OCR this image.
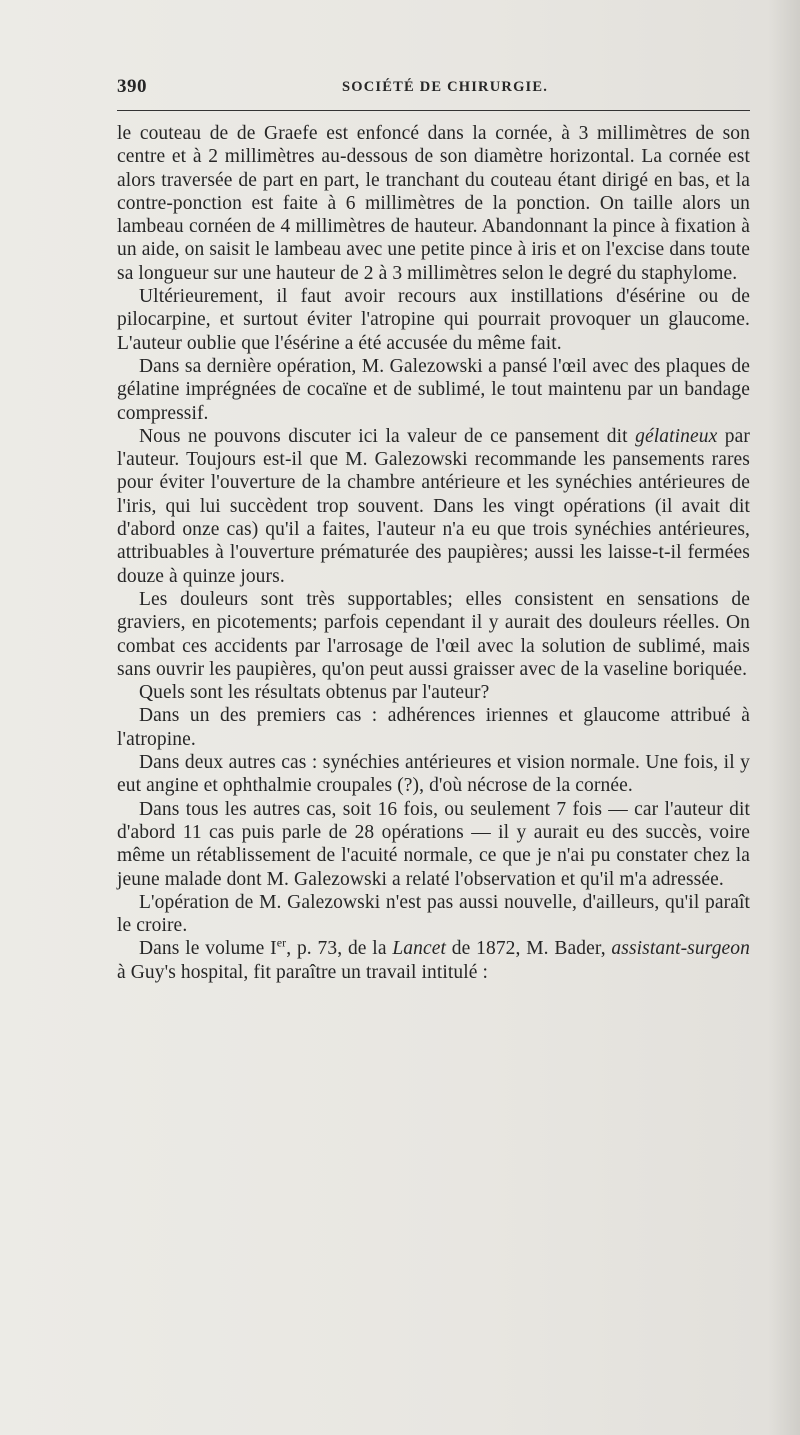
390	SOCIÉTÉ DE CHIRURGIE.

le couteau de de Graefe est enfoncé dans la cornée, à 3 millimètres de son centre et à 2 millimètres au-dessous de son diamètre horizontal. La cornée est alors traversée de part en part, le tranchant du couteau étant dirigé en bas, et la contre-ponction est faite à 6 millimètres de la ponction. On taille alors un lambeau cornéen de 4 millimètres de hauteur. Abandonnant la pince à fixation à un aide, on saisit le lambeau avec une petite pince à iris et on l'excise dans toute sa longueur sur une hauteur de 2 à 3 millimètres selon le degré du staphylome.

Ultérieurement, il faut avoir recours aux instillations d'ésérine ou de pilocarpine, et surtout éviter l'atropine qui pourrait provoquer un glaucome. L'auteur oublie que l'ésérine a été accusée du même fait.

Dans sa dernière opération, M. Galezowski a pansé l'œil avec des plaques de gélatine imprégnées de cocaïne et de sublimé, le tout maintenu par un bandage compressif.

Nous ne pouvons discuter ici la valeur de ce pansement dit gélatineux par l'auteur. Toujours est-il que M. Galezowski recommande les pansements rares pour éviter l'ouverture de la chambre antérieure et les synéchies antérieures de l'iris, qui lui succèdent trop souvent. Dans les vingt opérations (il avait dit d'abord onze cas) qu'il a faites, l'auteur n'a eu que trois synéchies antérieures, attribuables à l'ouverture prématurée des paupières; aussi les laisse-t-il fermées douze à quinze jours.

Les douleurs sont très supportables; elles consistent en sensations de graviers, en picotements; parfois cependant il y aurait des douleurs réelles. On combat ces accidents par l'arrosage de l'œil avec la solution de sublimé, mais sans ouvrir les paupières, qu'on peut aussi graisser avec de la vaseline boriquée.

Quels sont les résultats obtenus par l'auteur?

Dans un des premiers cas : adhérences iriennes et glaucome attribué à l'atropine.

Dans deux autres cas : synéchies antérieures et vision normale. Une fois, il y eut angine et ophthalmie croupales (?), d'où nécrose de la cornée.

Dans tous les autres cas, soit 16 fois, ou seulement 7 fois — car l'auteur dit d'abord 11 cas puis parle de 28 opérations — il y aurait eu des succès, voire même un rétablissement de l'acuité normale, ce que je n'ai pu constater chez la jeune malade dont M. Galezowski a relaté l'observation et qu'il m'a adressée.

L'opération de M. Galezowski n'est pas aussi nouvelle, d'ailleurs, qu'il paraît le croire.

Dans le volume Ier, p. 73, de la Lancet de 1872, M. Bader, assistant-surgeon à Guy's hospital, fit paraître un travail intitulé :
